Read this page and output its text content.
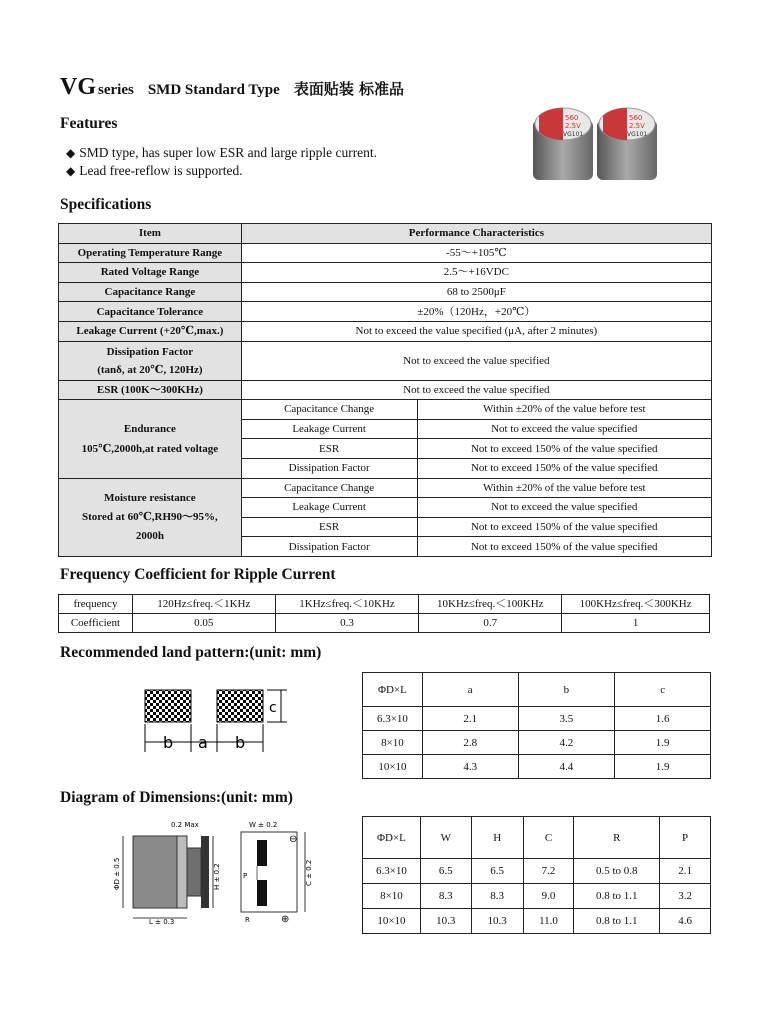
VG series SMD Standard Type 表面贴装 标准品
Features
◆ SMD type, has super low ESR and large ripple current.
◆ Lead free-reflow is supported.
560
2.5V
VG101
560
2.5V
VG101
Specifications
Item	Performance Characteristics	
Operating Temperature Range	-55～+105℃	
Rated Voltage Range	2.5～+16VDC	
Capacitance Range	68 to 2500μF	
Capacitance Tolerance	±20%（120Hz，+20℃）	
Leakage Current (+20℃,max.)	Not to exceed the value specified (μA, after 2 minutes)	

Dissipation Factor
(tanδ, at 20℃, 120Hz)	Not to exceed the value specified	
ESR (100K～300KHz)	Not to exceed the value specified	

Endurance
105℃,2000h,at rated voltage	Capacitance Change	Within ±20% of the value before test
	Leakage Current	Not to exceed the value specified
	ESR	Not to exceed 150% of the value specified
	Dissipation Factor	Not to exceed 150% of the value specified

Moisture resistance
Stored at 60℃,RH90～95%,
2000h	Capacitance Change	Within ±20% of the value before test
	Leakage Current	Not to exceed the value specified
	ESR	Not to exceed 150% of the value specified
	Dissipation Factor	Not to exceed 150% of the value specified
Frequency Coefficient for Ripple Current
frequency	120Hz≤freq.＜1KHz	1KHz≤freq.＜10KHz	10KHz≤freq.＜100KHz	100KHz≤freq.＜300KHz
Coefficient	0.05	0.3	0.7	1
Recommended land pattern:(unit: mm)
b a b
c
ΦD×L	a	b	c
6.3×10	2.1	3.5	1.6
8×10	2.8	4.2	1.9
10×10	4.3	4.4	1.9
Diagram of Dimensions:(unit: mm)
ΦD ± 0.5	H ± 0.2
L ± 0.3
0.2 Max
P
W ± 0.2
⊖
⊕
R
C ± 0.2
ΦD×L	W	H	C	R	P
6.3×10	6.5	6.5	7.2	0.5 to 0.8	2.1
8×10	8.3	8.3	9.0	0.8 to 1.1	3.2
10×10	10.3	10.3	11.0	0.8 to 1.1	4.6
